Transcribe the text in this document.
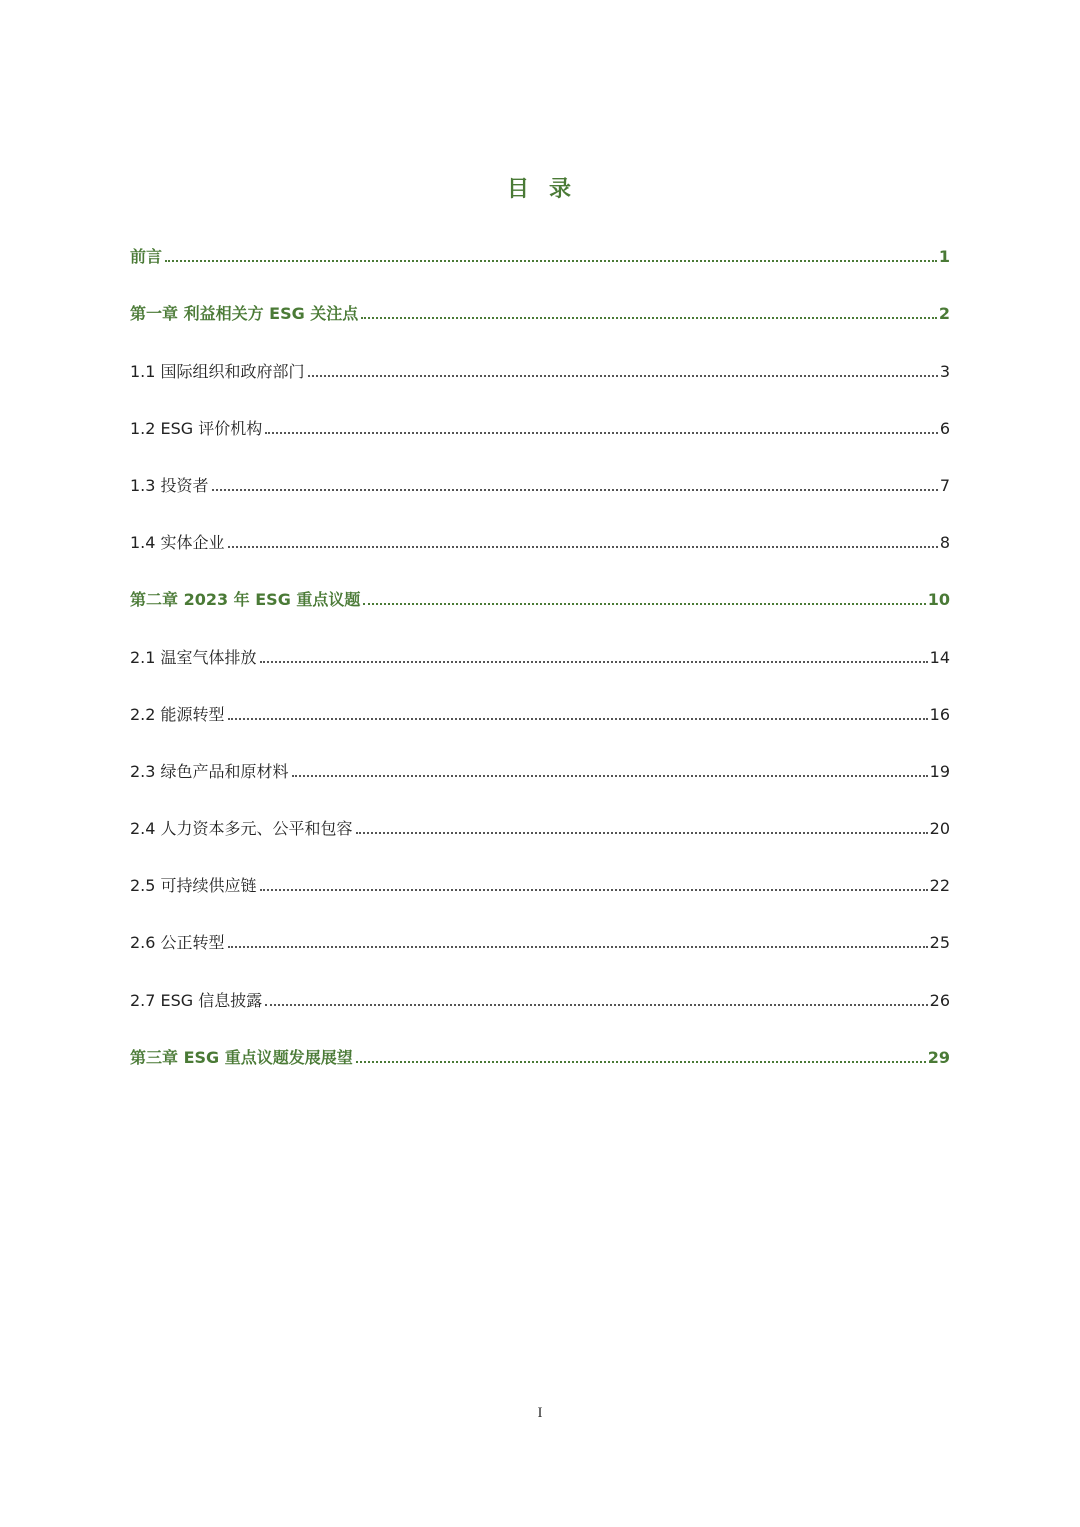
目 录
前言	1
第一章 利益相关方 ESG 关注点	2
1.1 国际组织和政府部门	3
1.2 ESG 评价机构	6
1.3 投资者	7
1.4 实体企业	8
第二章 2023 年 ESG 重点议题	10
2.1 温室气体排放	14
2.2 能源转型	16
2.3 绿色产品和原材料	19
2.4 人力资本多元、公平和包容	20
2.5 可持续供应链	22
2.6 公正转型	25
2.7 ESG 信息披露	26
第三章 ESG 重点议题发展展望	29
I
